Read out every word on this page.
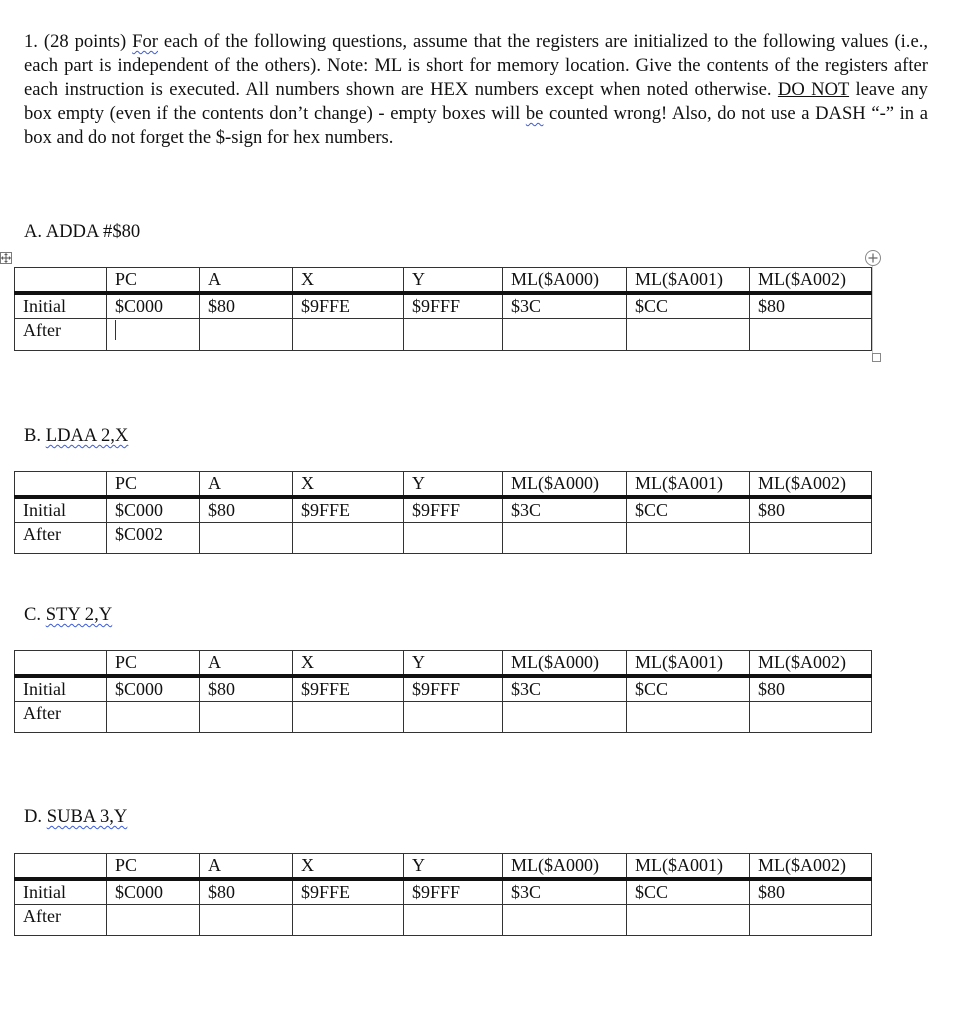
1. (28 points) For each of the following questions, assume that the registers are initialized to the following values (i.e., each part is independent of the others). Note: ML is short for memory location. Give the contents of the registers after each instruction is executed. All numbers shown are HEX numbers except when noted otherwise. DO NOT leave any box empty (even if the contents don’t change) - empty boxes will be counted wrong! Also, do not use a DASH “-” in a box and do not forget the $-sign for hex numbers.
A. ADDA #$80
	PC	A	X	Y	ML($A000)	ML($A001)	ML($A002)
Initial	$C000	$80	$9FFE	$9FFF	$3C	$CC	$80
After							
B. LDAA 2,X
	PC	A	X	Y	ML($A000)	ML($A001)	ML($A002)
Initial	$C000	$80	$9FFE	$9FFF	$3C	$CC	$80
After	$C002						
C. STY 2,Y
	PC	A	X	Y	ML($A000)	ML($A001)	ML($A002)
Initial	$C000	$80	$9FFE	$9FFF	$3C	$CC	$80
After							
D. SUBA 3,Y
	PC	A	X	Y	ML($A000)	ML($A001)	ML($A002)
Initial	$C000	$80	$9FFE	$9FFF	$3C	$CC	$80
After							
